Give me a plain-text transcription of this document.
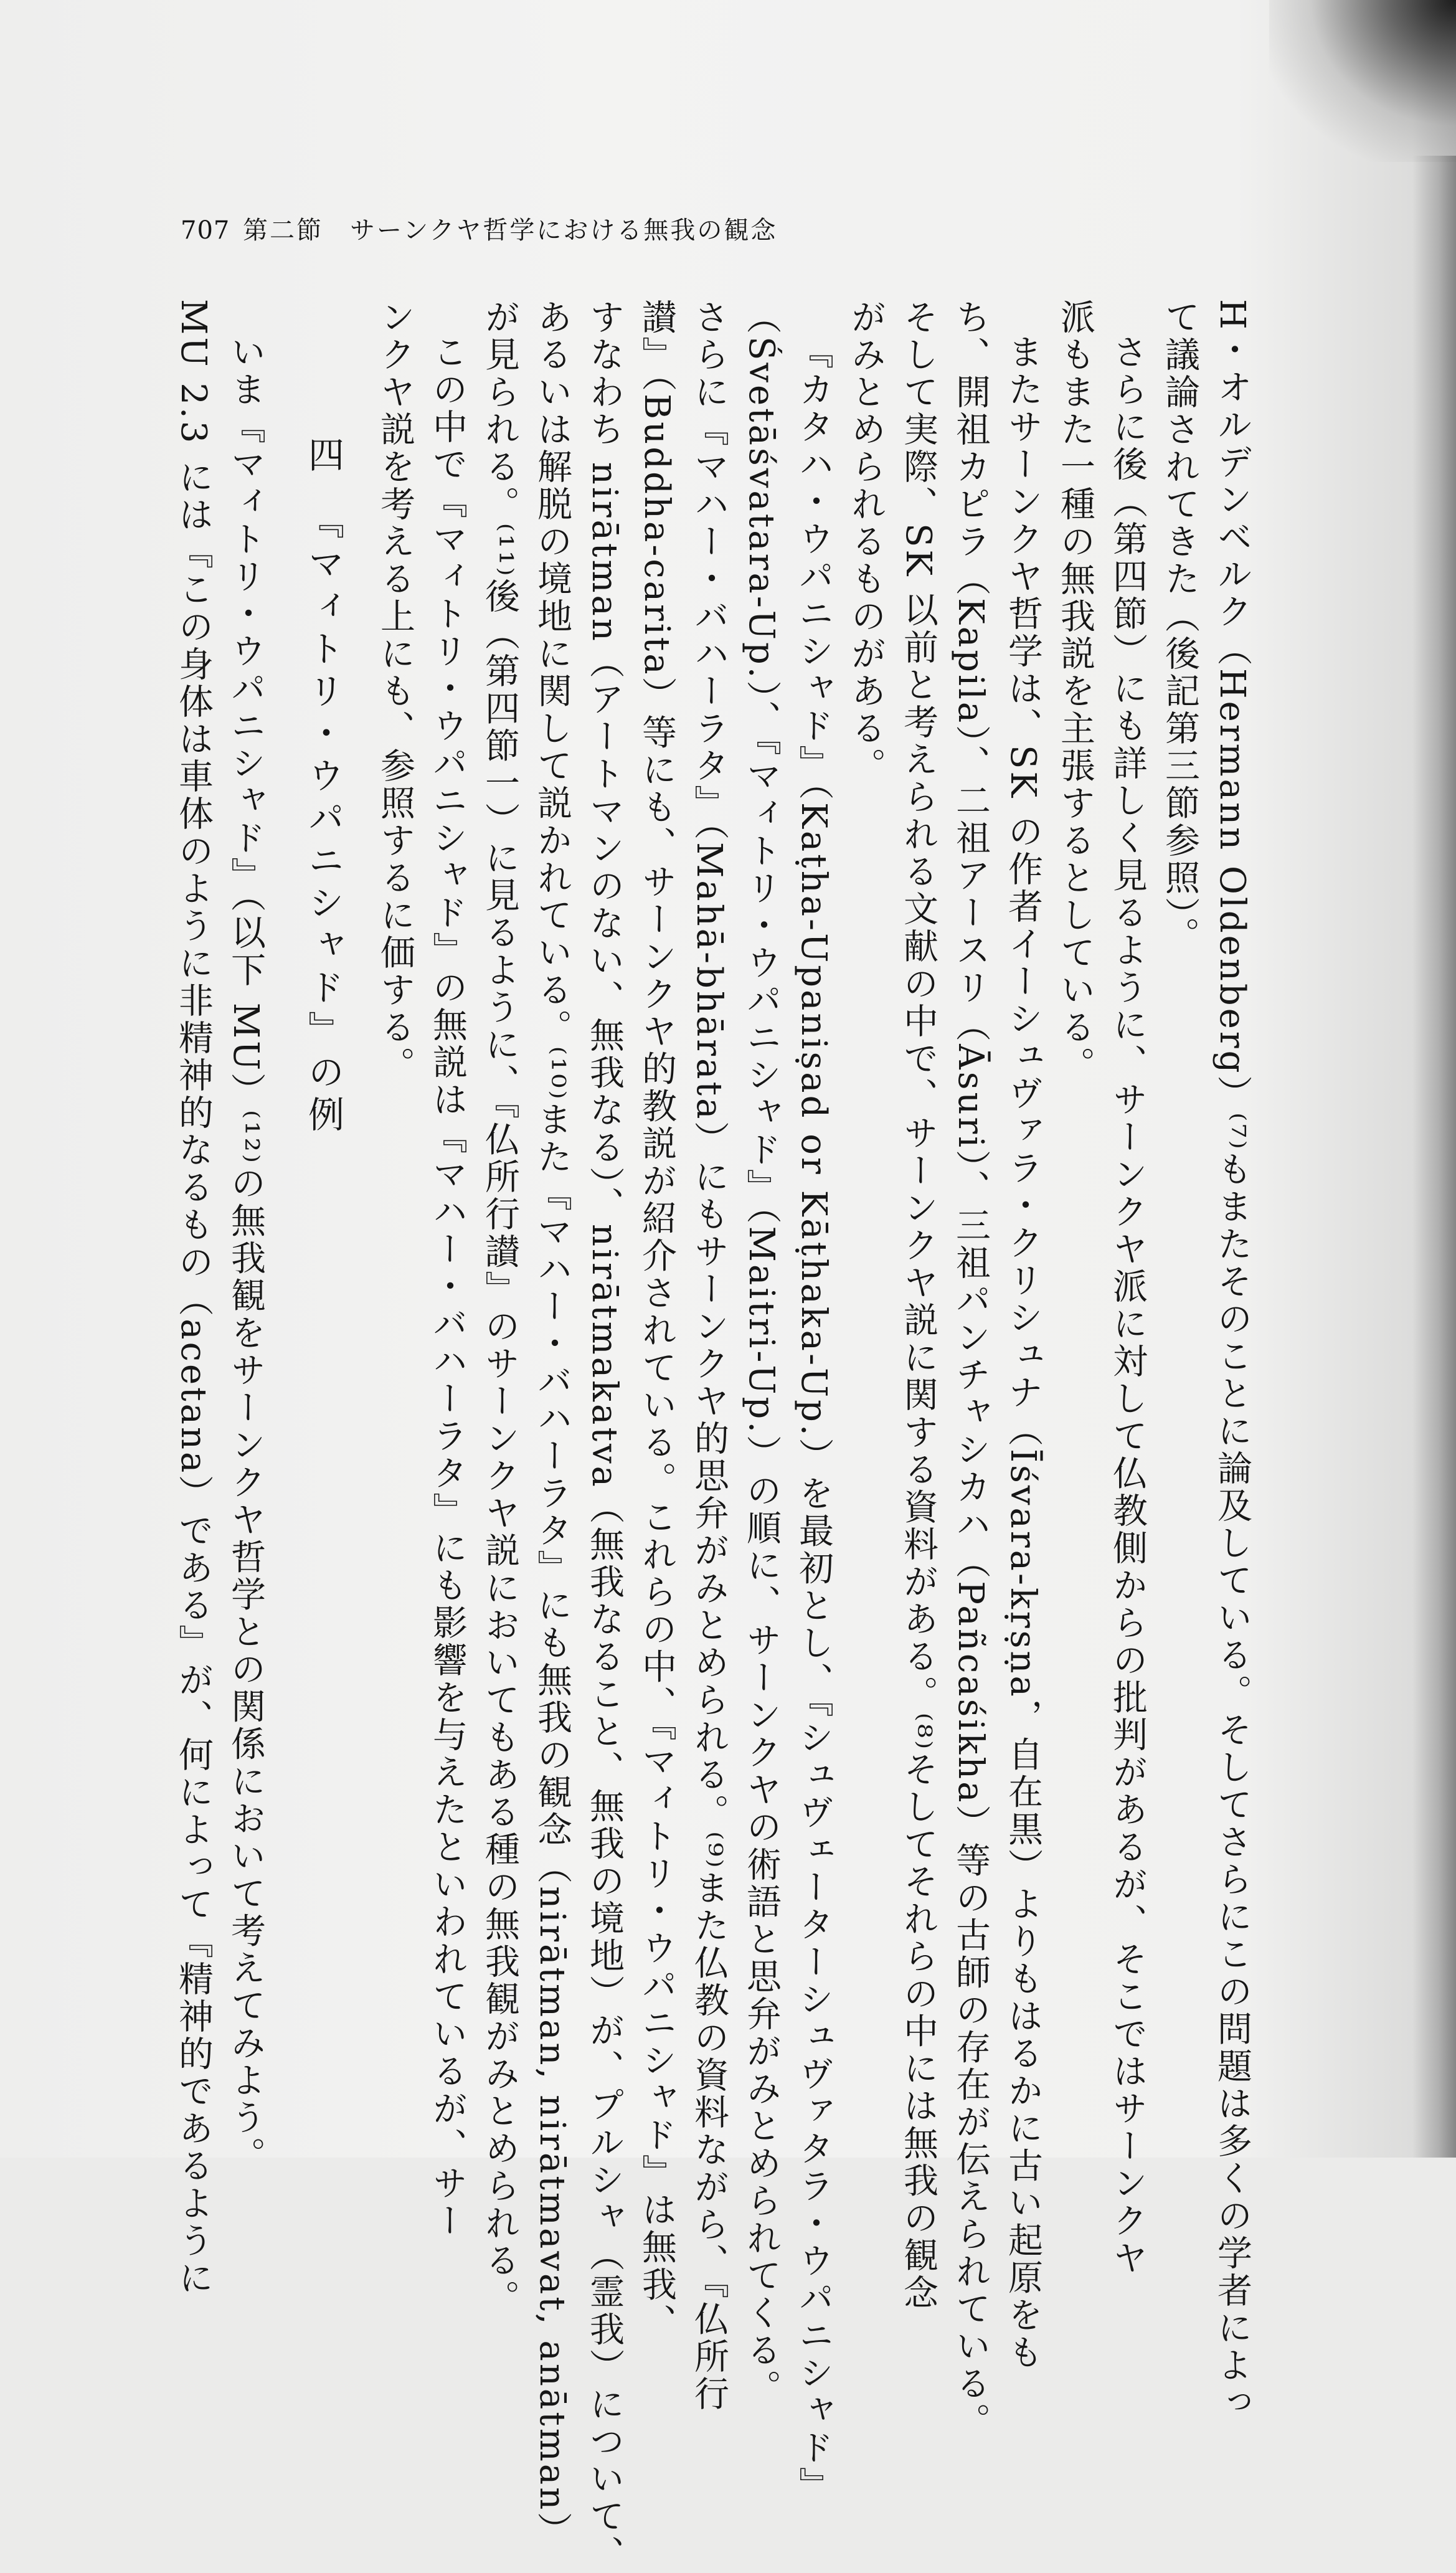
707 第二節　サーンクヤ哲学における無我の観念
H・オルデンベルク（Hermann Oldenberg）⁽⁷⁾もまたそのことに論及している。そしてさらにこの問題は多くの学者によっ
て議論されてきた（後記第三節参照）。
さらに後（第四節）にも詳しく見るように、サーンクヤ派に対して仏教側からの批判があるが、そこではサーンクヤ
派もまた一種の無我説を主張するとしている。
またサーンクヤ哲学は、SK の作者イーシュヴァラ・クリシュナ（Īśvara-kṛṣṇa，自在黒）よりもはるかに古い起原をも
ち、開祖カピラ（Kapila）、二祖アースリ（Āsuri）、三祖パンチャシカハ（Pañcaśikha）等の古師の存在が伝えられている。
そして実際、SK 以前と考えられる文献の中で、サーンクヤ説に関する資料がある。⁽⁸⁾そしてそれらの中には無我の観念
がみとめられるものがある。
『カタハ・ウパニシャド』（Kaṭha-Upaniṣad or Kāṭhaka-Up.）を最初とし、『シュヴェーターシュヴァタラ・ウパニシャド』
（Śvetāśvatara-Up.）、『マィトリ・ウパニシャド』（Maitri-Up.）の順に、サーンクヤの術語と思弁がみとめられてくる。
さらに『マハー・バハーラタ』（Mahā-bhārata）にもサーンクヤ的思弁がみとめられる。⁽⁹⁾また仏教の資料ながら、『仏所行
讃』（Buddha-carita）等にも、サーンクヤ的教説が紹介されている。これらの中、『マィトリ・ウパニシャド』は無我、
すなわち nirātman（アートマンのない、無我なる）、nirātmakatva（無我なること、無我の境地）が、プルシャ（霊我）について、
あるいは解脱の境地に関して説かれている。⁽¹⁰⁾また『マハー・バハーラタ』にも無我の観念（nirātman, nirātmavat, anātman）
が見られる。⁽¹¹⁾後（第四節一）に見るように、『仏所行讃』のサーンクヤ説においてもある種の無我観がみとめられる。
この中で『マィトリ・ウパニシャド』の無説は『マハー・バハーラタ』にも影響を与えたといわれているが、サー
ンクヤ説を考える上にも、参照するに価する。
四　『マィトリ・ウパニシャド』の例
いま『マィトリ・ウパニシャド』（以下 MU）⁽¹²⁾の無我観をサーンクヤ哲学との関係において考えてみよう。
MU 2.3 には『この身体は車体のように非精神的なるもの（acetana）である』が、何によって『精神的であるように
